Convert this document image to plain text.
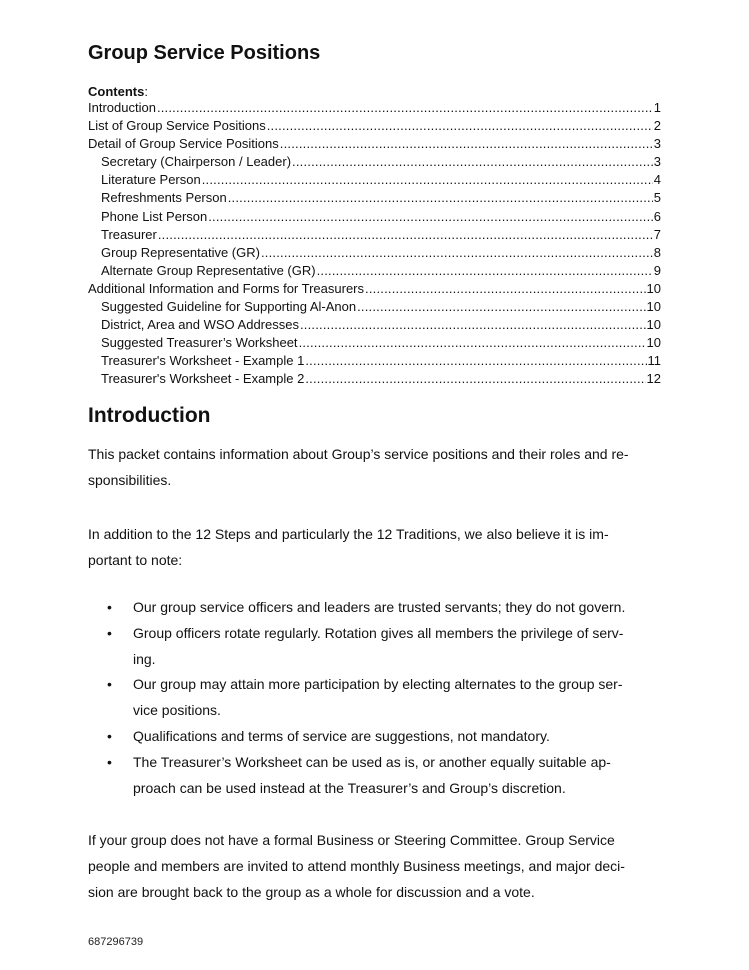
Group Service Positions
Contents:
Introduction .....	1
List of Group Service Positions .....	2
Detail of Group Service Positions .....	3
Secretary (Chairperson / Leader) .....	3
Literature Person .....	4
Refreshments Person .....	5
Phone List Person .....	6
Treasurer .....	7
Group Representative (GR) .....	8
Alternate Group Representative (GR) .....	9
Additional Information and Forms for Treasurers .....	10
Suggested Guideline for Supporting Al-Anon .....	10
District, Area and WSO Addresses .....	10
Suggested Treasurer’s Worksheet .....	10
Treasurer's Worksheet - Example 1 .....	11
Treasurer's Worksheet - Example 2 .....	12
Introduction
This packet contains information about Group’s service positions and their roles and re-
sponsibilities.
In addition to the 12 Steps and particularly the 12 Traditions, we also believe it is im-
portant to note:
• Our group service officers and leaders are trusted servants; they do not govern.
• Group officers rotate regularly. Rotation gives all members the privilege of serv-
ing.
• Our group may attain more participation by electing alternates to the group ser-
vice positions.
• Qualifications and terms of service are suggestions, not mandatory.
• The Treasurer’s Worksheet can be used as is, or another equally suitable ap-
proach can be used instead at the Treasurer’s and Group’s discretion.
If your group does not have a formal Business or Steering Committee. Group Service
people and members are invited to attend monthly Business meetings, and major deci-
sion are brought back to the group as a whole for discussion and a vote.
687296739
